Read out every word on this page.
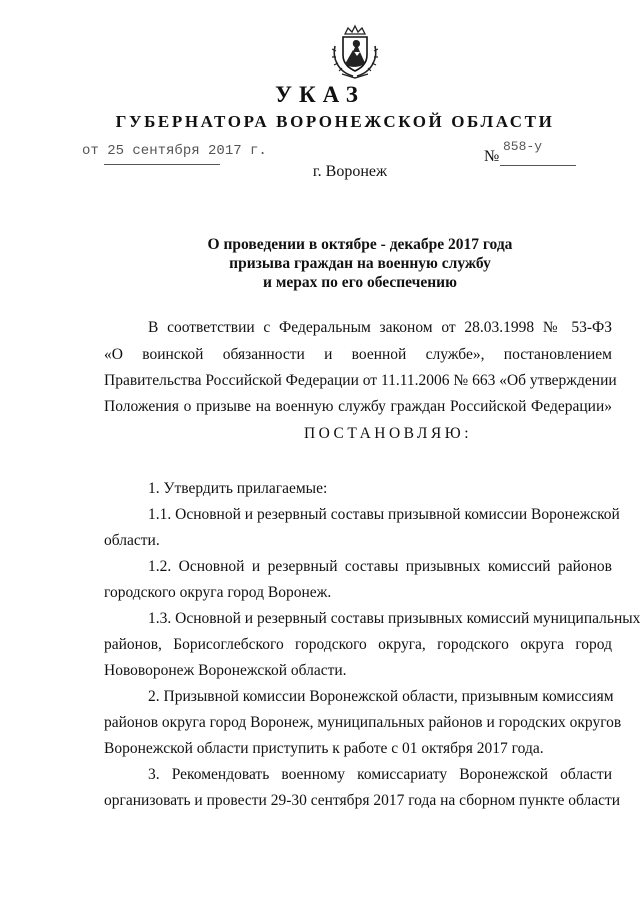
УКАЗ
ГУБЕРНАТОРА ВОРОНЕЖСКОЙ ОБЛАСТИ
от 25 сентября 2017 г.	№
858-у
г. Воронеж
О проведении в октябре - декабре 2017 года
призыва граждан на военную службу
и мерах по его обеспечению
В соответствии с Федеральным законом от 28.03.1998 № 53-ФЗ
«О воинской обязанности и военной службе», постановлением
Правительства Российской Федерации от 11.11.2006 № 663 «Об утверждении
Положения о призыве на военную службу граждан Российской Федерации»
ПОСТАНОВЛЯЮ:
1. Утвердить прилагаемые:
1.1. Основной и резервный составы призывной комиссии Воронежской
области.
1.2. Основной и резервный составы призывных комиссий районов
городского округа город Воронеж.
1.3. Основной и резервный составы призывных комиссий муниципальных
районов, Борисоглебского городского округа, городского округа город
Нововоронеж Воронежской области.
2. Призывной комиссии Воронежской области, призывным комиссиям
районов округа город Воронеж, муниципальных районов и городских округов
Воронежской области приступить к работе с 01 октября 2017 года.
3. Рекомендовать военному комиссариату Воронежской области
организовать и провести 29-30 сентября 2017 года на сборном пункте области
